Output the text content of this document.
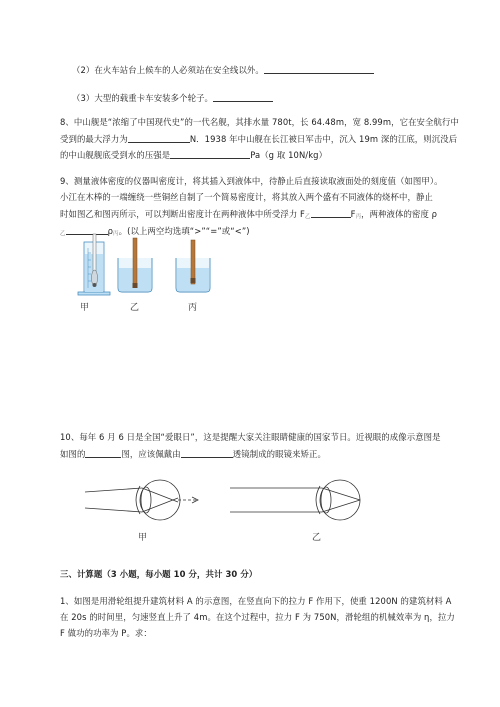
（2）在火车站台上候车的人必须站在安全线以外。
（3）大型的载重卡车安装多个轮子。
8、中山舰是“浓缩了中国现代史”的一代名舰，其排水量 780t，长 64.48m，宽 8.99m，它在安全航行中
受到的最大浮力为	N．1938 年中山舰在长江被日军击中，沉入 19m 深的江底，则沉没后
的中山舰舰底受到水的压强是	Pa（g 取 10N/kg）
9、测量液体密度的仪器叫密度计，将其插入到液体中，待静止后直接读取液面处的刻度值（如图甲）。
小江在木棒的一端缠绕一些铜丝自制了一个简易密度计，将其放入两个盛有不同液体的烧杯中，静止
时如图乙和图丙所示，可以判断出密度计在两种液体中所受浮力 F乙	F丙，两种液体的密度 ρ
乙	ρ丙。(以上两空均选填“>”“=”或“<”)
甲	乙	丙
10、每年 6 月 6 日是全国“爱眼日”，这是提醒大家关注眼睛健康的国家节日。近视眼的成像示意图是
如图的	图，应该佩戴由	透镜制成的眼镜来矫正。
甲	乙
三、计算题（3 小题，每小题 10 分，共计 30 分）
1、如图是用滑轮组提升建筑材料 A 的示意图，在竖直向下的拉力 F 作用下，使重 1200N 的建筑材料 A
在 20s 的时间里，匀速竖直上升了 4m。在这个过程中，拉力 F 为 750N，滑轮组的机械效率为 η，拉力
F 做功的功率为 P。求：
